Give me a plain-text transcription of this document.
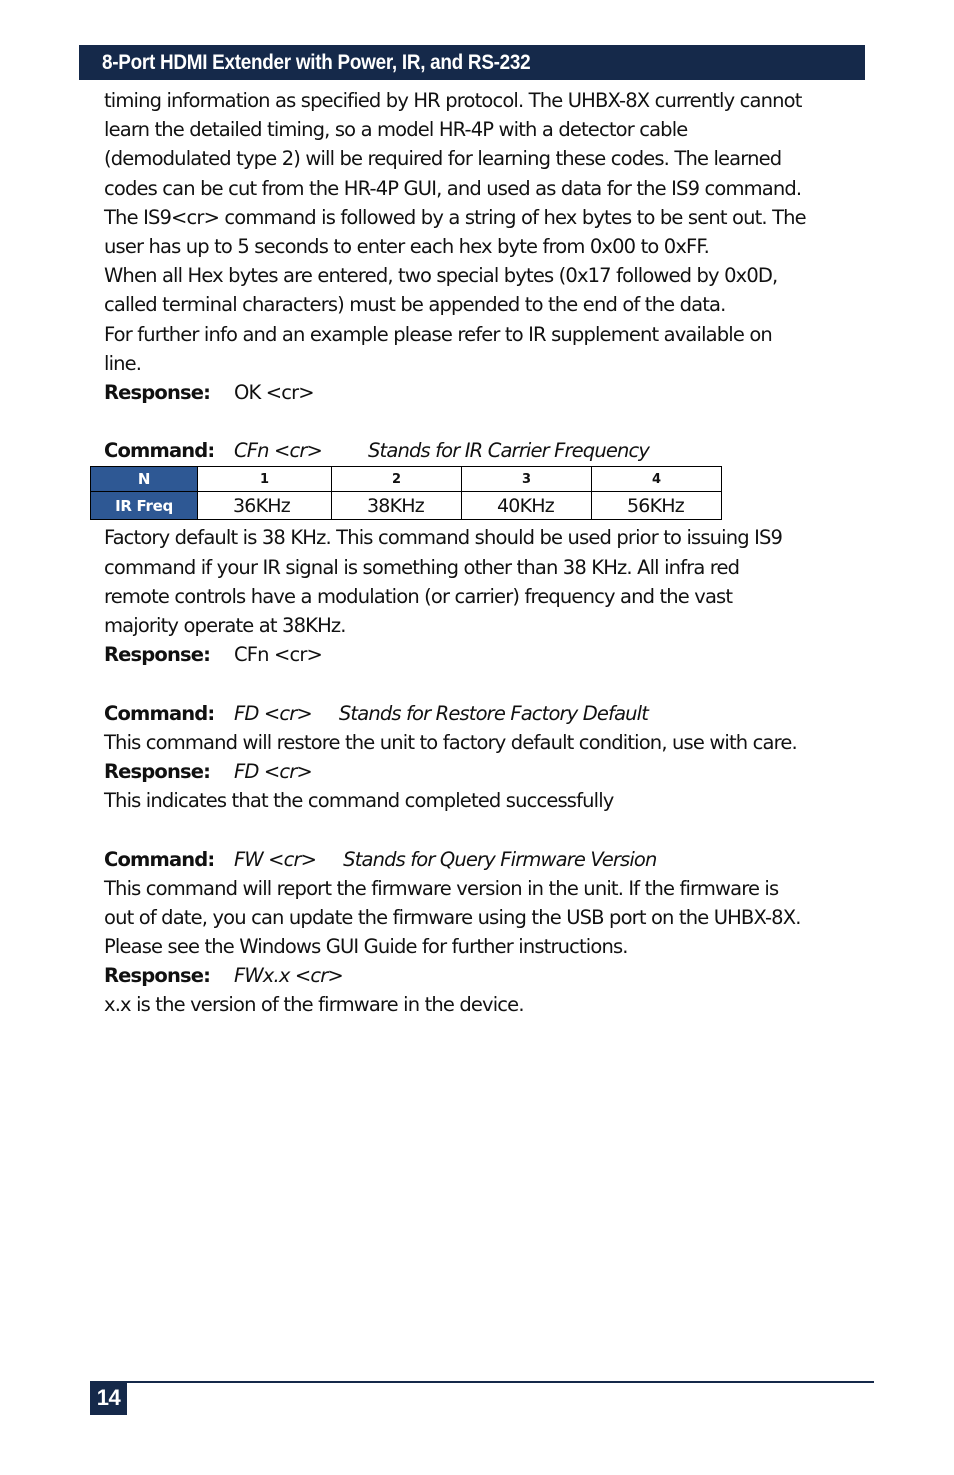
8-Port HDMI Extender with Power, IR, and RS-232
timing information as specified by HR protocol. The UHBX-8X currently cannot
learn the detailed timing, so a model HR-4P with a detector cable
(demodulated type 2) will be required for learning these codes. The learned
codes can be cut from the HR-4P GUI, and used as data for the IS9 command.
The IS9<cr> command is followed by a string of hex bytes to be sent out. The
user has up to 5 seconds to enter each hex byte from 0x00 to 0xFF.
When all Hex bytes are entered, two special bytes (0x17 followed by 0x0D,
called terminal characters) must be appended to the end of the data.
For further info and an example please refer to IR supplement available on
line.
Response: OK <cr>
Command: CFn <cr> Stands for IR Carrier Frequency
Factory default is 38 KHz. This command should be used prior to issuing IS9
command if your IR signal is something other than 38 KHz. All infra red
remote controls have a modulation (or carrier) frequency and the vast
majority operate at 38KHz.
Response: CFn <cr>
Command: FD <cr> Stands for Restore Factory Default
This command will restore the unit to factory default condition, use with care.
Response: FD <cr>
This indicates that the command completed successfully
Command: FW <cr> Stands for Query Firmware Version
This command will report the firmware version in the unit. If the firmware is
out of date, you can update the firmware using the USB port on the UHBX-8X.
Please see the Windows GUI Guide for further instructions.
Response: FWx.x <cr>
x.x is the version of the firmware in the device.
N	1	2	3	4
IR Freq	36KHz	38KHz	40KHz	56KHz
14
